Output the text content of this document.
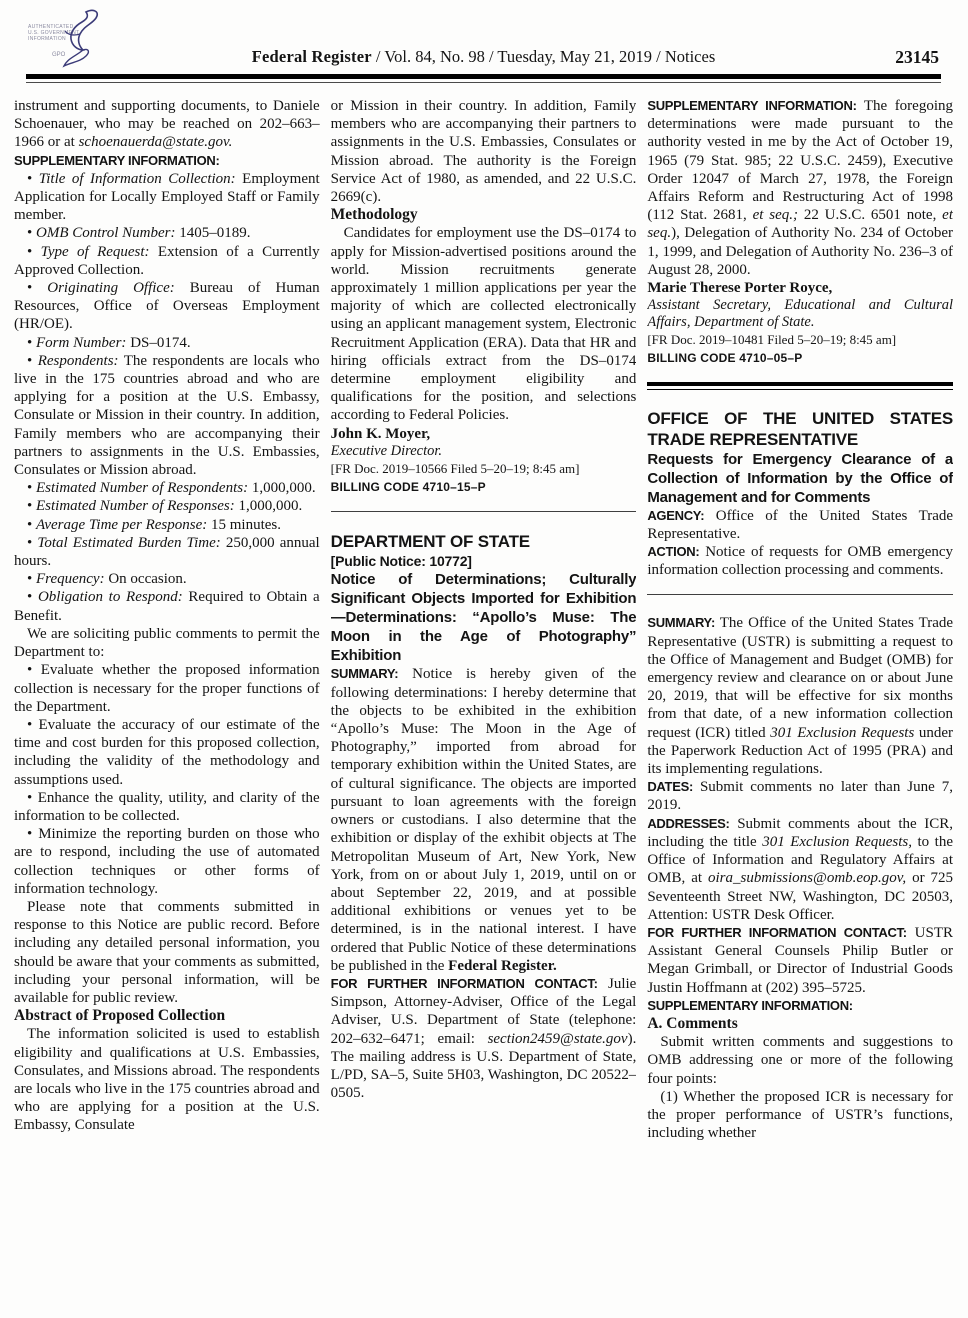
AUTHENTICATED
U.S. GOVERNMENT
INFORMATION
GPO	Federal Register / Vol. 84, No. 98 / Tuesday, May 21, 2019 / Notices	23145

instrument and supporting documents, to Daniele Schoenauer, who may be reached on 202–663–1966 or at schoenauerda@state.gov.

SUPPLEMENTARY INFORMATION:

• Title of Information Collection: Employment Application for Locally Employed Staff or Family member.

• OMB Control Number: 1405–0189.

• Type of Request: Extension of a Currently Approved Collection.

• Originating Office: Bureau of Human Resources, Office of Overseas Employment (HR/OE).

• Form Number: DS–0174.

• Respondents: The respondents are locals who live in the 175 countries abroad and who are applying for a position at the U.S. Embassy, Consulate or Mission in their country. In addition, Family members who are accompanying their partners to assignments in the U.S. Embassies, Consulates or Mission abroad.

• Estimated Number of Respondents: 1,000,000.

• Estimated Number of Responses: 1,000,000.

• Average Time per Response: 15 minutes.

• Total Estimated Burden Time: 250,000 annual hours.

• Frequency: On occasion.

• Obligation to Respond: Required to Obtain a Benefit.

We are soliciting public comments to permit the Department to:

• Evaluate whether the proposed information collection is necessary for the proper functions of the Department.

• Evaluate the accuracy of our estimate of the time and cost burden for this proposed collection, including the validity of the methodology and assumptions used.

• Enhance the quality, utility, and clarity of the information to be collected.

• Minimize the reporting burden on those who are to respond, including the use of automated collection techniques or other forms of information technology.

Please note that comments submitted in response to this Notice are public record. Before including any detailed personal information, you should be aware that your comments as submitted, including your personal information, will be available for public review.

Abstract of Proposed Collection

The information solicited is used to establish eligibility and qualifications at U.S. Embassies, Consulates, and Missions abroad. The respondents are locals who live in the 175 countries abroad and who are applying for a position at the U.S. Embassy, Consulate

or Mission in their country. In addition, Family members who are accompanying their partners to assignments in the U.S. Embassies, Consulates or Mission abroad. The authority is the Foreign Service Act of 1980, as amended, and 22 U.S.C. 2669(c).

Methodology

Candidates for employment use the DS–0174 to apply for Mission-advertised positions around the world. Mission recruitments generate approximately 1 million applications per year the majority of which are collected electronically using an applicant management system, Electronic Recruitment Application (ERA). Data that HR and hiring officials extract from the DS–0174 determine employment eligibility and qualifications for the position, and selections according to Federal Policies.

John K. Moyer,

Executive Director.

[FR Doc. 2019–10566 Filed 5–20–19; 8:45 am]

BILLING CODE 4710–15–P

DEPARTMENT OF STATE

[Public Notice: 10772]

Notice of Determinations; Culturally Significant Objects Imported for Exhibition—Determinations: “Apollo’s Muse: The Moon in the Age of Photography” Exhibition

SUMMARY: Notice is hereby given of the following determinations: I hereby determine that the objects to be exhibited in the exhibition “Apollo’s Muse: The Moon in the Age of Photography,” imported from abroad for temporary exhibition within the United States, are of cultural significance. The objects are imported pursuant to loan agreements with the foreign owners or custodians. I also determine that the exhibition or display of the exhibit objects at The Metropolitan Museum of Art, New York, New York, from on or about July 1, 2019, until on or about September 22, 2019, and at possible additional exhibitions or venues yet to be determined, is in the national interest. I have ordered that Public Notice of these determinations be published in the Federal Register.

FOR FURTHER INFORMATION CONTACT: Julie Simpson, Attorney-Adviser, Office of the Legal Adviser, U.S. Department of State (telephone: 202–632–6471; email: section2459@state.gov). The mailing address is U.S. Department of State, L/PD, SA–5, Suite 5H03, Washington, DC 20522–0505.

SUPPLEMENTARY INFORMATION: The foregoing determinations were made pursuant to the authority vested in me by the Act of October 19, 1965 (79 Stat. 985; 22 U.S.C. 2459), Executive Order 12047 of March 27, 1978, the Foreign Affairs Reform and Restructuring Act of 1998 (112 Stat. 2681, et seq.; 22 U.S.C. 6501 note, et seq.), Delegation of Authority No. 234 of October 1, 1999, and Delegation of Authority No. 236–3 of August 28, 2000.

Marie Therese Porter Royce,

Assistant Secretary, Educational and Cultural Affairs, Department of State.

[FR Doc. 2019–10481 Filed 5–20–19; 8:45 am]

BILLING CODE 4710–05–P

OFFICE OF THE UNITED STATES TRADE REPRESENTATIVE

Requests for Emergency Clearance of a Collection of Information by the Office of Management and for Comments

AGENCY: Office of the United States Trade Representative.

ACTION: Notice of requests for OMB emergency information collection processing and comments.

SUMMARY: The Office of the United States Trade Representative (USTR) is submitting a request to the Office of Management and Budget (OMB) for emergency review and clearance on or about June 20, 2019, that will be effective for six months from that date, of a new information collection request (ICR) titled 301 Exclusion Requests under the Paperwork Reduction Act of 1995 (PRA) and its implementing regulations.

DATES: Submit comments no later than June 7, 2019.

ADDRESSES: Submit comments about the ICR, including the title 301 Exclusion Requests, to the Office of Information and Regulatory Affairs at OMB, at oira_submissions@omb.eop.gov, or 725 Seventeenth Street NW, Washington, DC 20503, Attention: USTR Desk Officer.

FOR FURTHER INFORMATION CONTACT: USTR Assistant General Counsels Philip Butler or Megan Grimball, or Director of Industrial Goods Justin Hoffmann at (202) 395–5725.

SUPPLEMENTARY INFORMATION:

A. Comments

Submit written comments and suggestions to OMB addressing one or more of the following four points:

(1) Whether the proposed ICR is necessary for the proper performance of USTR’s functions, including whether
